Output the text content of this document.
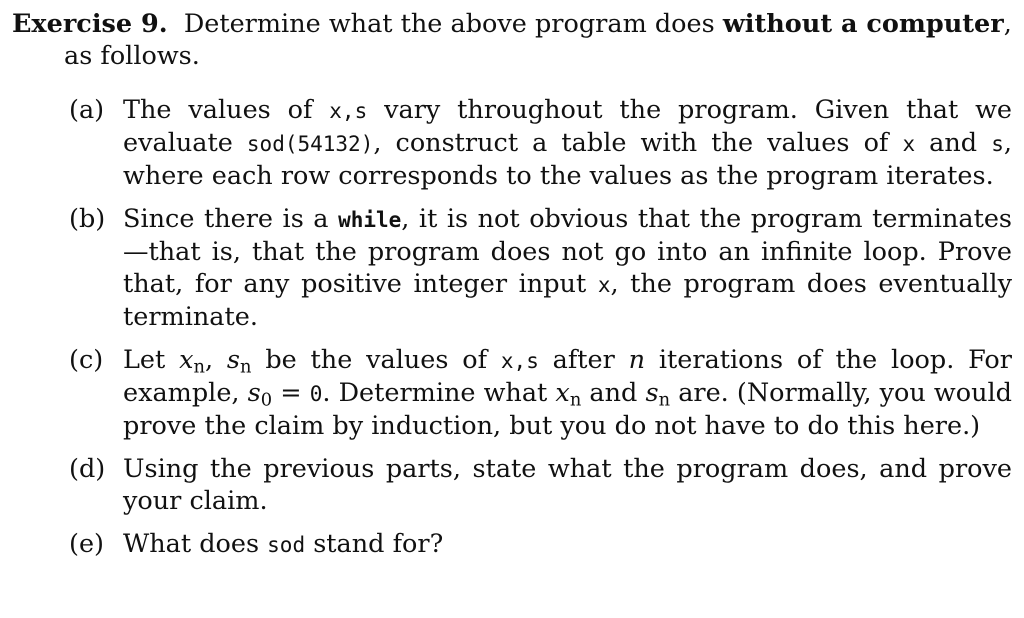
Exercise 9. Determine what the above program does without a computer, as follows.

(a) The values of x,s vary throughout the program. Given that we evaluate sod(54132), construct a table with the values of x and s, where each row corresponds to the values as the program iterates.

(b) Since there is a while, it is not obvious that the program terminates—that is, that the program does not go into an infinite loop. Prove that, for any positive integer input x, the program does eventually terminate.

(c) Let $x_n$, $s_n$ be the values of x,s after n iterations of the loop. For example, $s_0 = 0$. Determine what $x_n$ and $s_n$ are. (Normally, you would prove the claim by induction, but you do not have to do this here.)

(d) Using the previous parts, state what the program does, and prove your claim.

(e) What does sod stand for?
